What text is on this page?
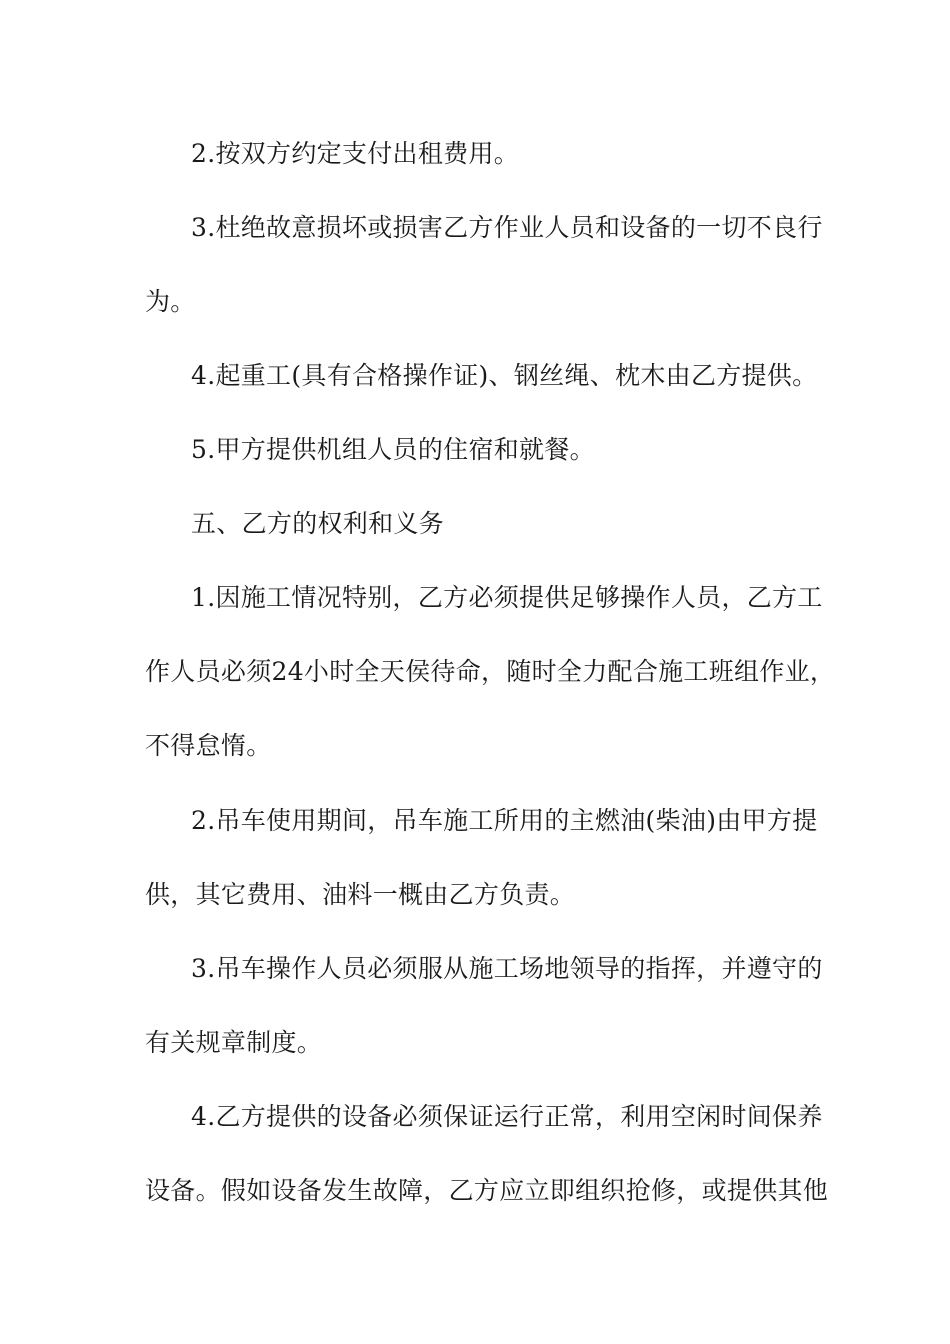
2.按双方约定支付出租费用。
3.杜绝故意损坏或损害乙方作业人员和设备的一切不良行
为。
4.起重工(具有合格操作证)、钢丝绳、枕木由乙方提供。
5.甲方提供机组人员的住宿和就餐。
五、乙方的权利和义务
1.因施工情况特别，乙方必须提供足够操作人员，乙方工
作人员必须24小时全天侯待命，随时全力配合施工班组作业，
不得怠惰。
2.吊车使用期间，吊车施工所用的主燃油(柴油)由甲方提
供，其它费用、油料一概由乙方负责。
3.吊车操作人员必须服从施工场地领导的指挥，并遵守的
有关规章制度。
4.乙方提供的设备必须保证运行正常，利用空闲时间保养
设备。假如设备发生故障，乙方应立即组织抢修，或提供其他
